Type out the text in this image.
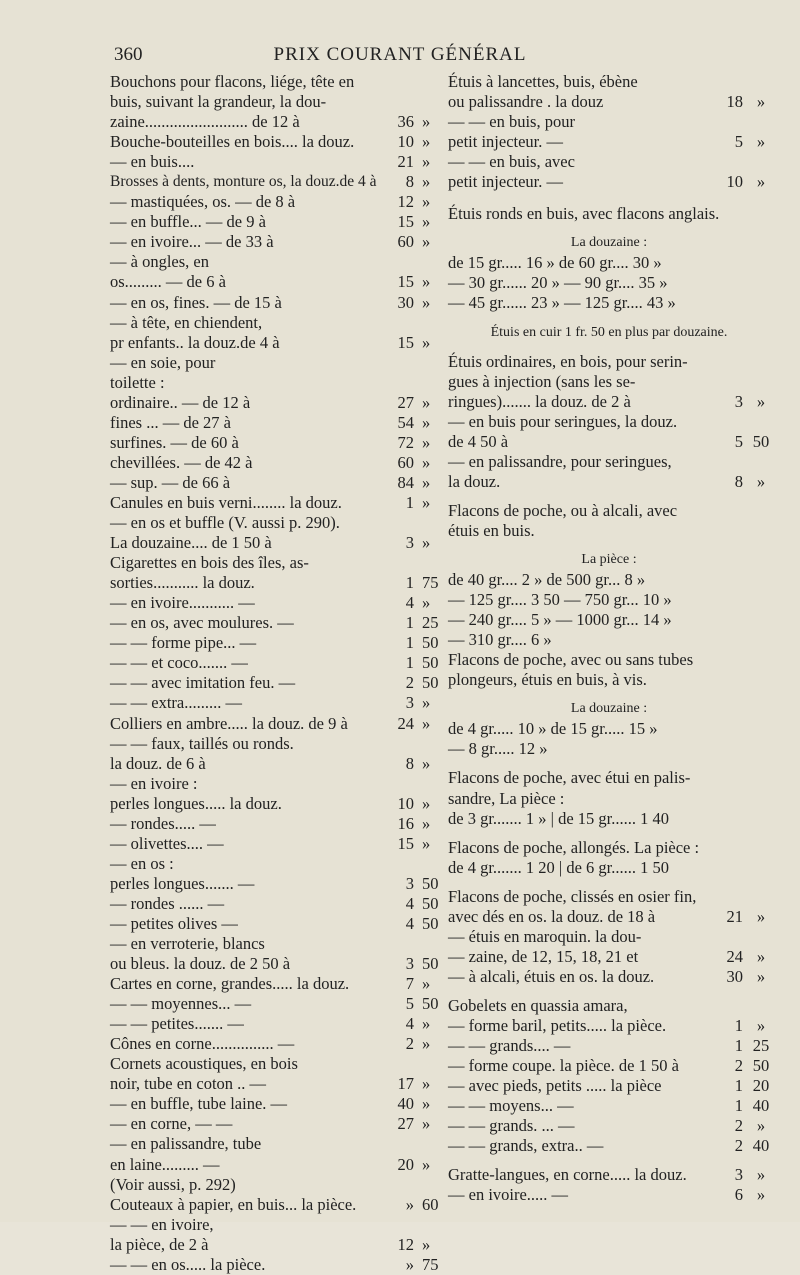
360	PRIX COURANT GÉNÉRAL
Bouchons pour flacons, liége, tête en
buis, suivant la grandeur, la dou-
zaine......................... de 12 à	36 »
Bouche-bouteilles en bois.... la douz.	10 »
— en buis....	21 »
Brosses à dents, monture os, la douz.de 4 à	8 »
— mastiquées, os. — de 8 à	12 »
— en buffle... — de 9 à	15 »
— en ivoire... — de 33 à	60 »
— à ongles, en
os......... — de 6 à	15 »
— en os, fines. — de 15 à	30 »
— à tête, en chiendent,
pr enfants.. la douz.de 4 à	15 »
— en soie, pour
toilette :
ordinaire.. — de 12 à	27 »
fines ... — de 27 à	54 »
surfines. — de 60 à	72 »
chevillées. — de 42 à	60 »
— sup. — de 66 à	84 »
Canules en buis verni........ la douz.	1 »
— en os et buffle (V. aussi p. 290).
La douzaine.... de 1 50 à	3 »
Cigarettes en bois des îles, as-
sorties........... la douz.	1 75
— en ivoire........... —	4 »
— en os, avec moulures. —	1 25
— — forme pipe... —	1 50
— — et coco....... —	1 50
— — avec imitation feu. —	2 50
— — extra......... —	3 »
Colliers en ambre..... la douz. de 9 à	24 »
— — faux, taillés ou ronds.
la douz. de 6 à	8 »
— en ivoire :
perles longues..... la douz.	10 »
— rondes..... —	16 »
— olivettes.... —	15 »
— en os :
perles longues....... —	3 50
— rondes ...... —	4 50
— petites olives —	4 50
— en verroterie, blancs
ou bleus. la douz. de 2 50 à	3 50
Cartes en corne, grandes..... la douz.	7 »
— — moyennes... —	5 50
— — petites....... —	4 »
Cônes en corne............... —	2 »
Cornets acoustiques, en bois
noir, tube en coton .. —	17 »
— en buffle, tube laine. —	40 »
— en corne, — —	27 »
— en palissandre, tube
en laine......... —	20 »
(Voir aussi, p. 292)
Couteaux à papier, en buis... la pièce.	» 60
— — en ivoire,
la pièce, de 2 à	12 »
— — en os..... la pièce.	» 75
Étuis à lancettes, buis, ébène
ou palissandre . la douz	18 »
— — en buis, pour
petit injecteur. —	5 »
— — en buis, avec
petit injecteur. —	10 »
Étuis ronds en buis, avec flacons anglais.
La douzaine :
de 15 gr..... 16 » de 60 gr.... 30 »
— 30 gr...... 20 » — 90 gr.... 35 »
— 45 gr...... 23 » — 125 gr.... 43 »
Étuis en cuir 1 fr. 50 en plus par douzaine.
Étuis ordinaires, en bois, pour serin-
gues à injection (sans les se-
ringues)....... la douz. de 2 à	3 »
— en buis pour seringues, la douz.
de 4 50 à	5 50
— en palissandre, pour seringues,
la douz.	8 »
Flacons de poche, ou à alcali, avec
étuis en buis.
La pièce :
de 40 gr.... 2 » de 500 gr... 8 »
— 125 gr.... 3 50 — 750 gr... 10 »
— 240 gr.... 5 » — 1000 gr... 14 »
— 310 gr.... 6 »
Flacons de poche, avec ou sans tubes
plongeurs, étuis en buis, à vis.
La douzaine :
de 4 gr..... 10 » de 15 gr..... 15 »
— 8 gr..... 12 »
Flacons de poche, avec étui en palis-
sandre, La pièce :
de 3 gr....... 1 » | de 15 gr...... 1 40
Flacons de poche, allongés. La pièce :
de 4 gr....... 1 20 | de 6 gr...... 1 50
Flacons de poche, clissés en osier fin,
avec dés en os. la douz. de 18 à	21 »
— étuis en maroquin. la dou-
— zaine, de 12, 15, 18, 21 et	24 »
— à alcali, étuis en os. la douz.	30 »
Gobelets en quassia amara,
— forme baril, petits..... la pièce.	1 »
— — grands.... —	1 25
— forme coupe. la pièce. de 1 50 à	2 50
— avec pieds, petits ..... la pièce	1 20
— — moyens... —	1 40
— — grands. ... —	2 »
— — grands, extra.. —	2 40
Gratte-langues, en corne..... la douz.	3 »
— en ivoire..... —	6 »
